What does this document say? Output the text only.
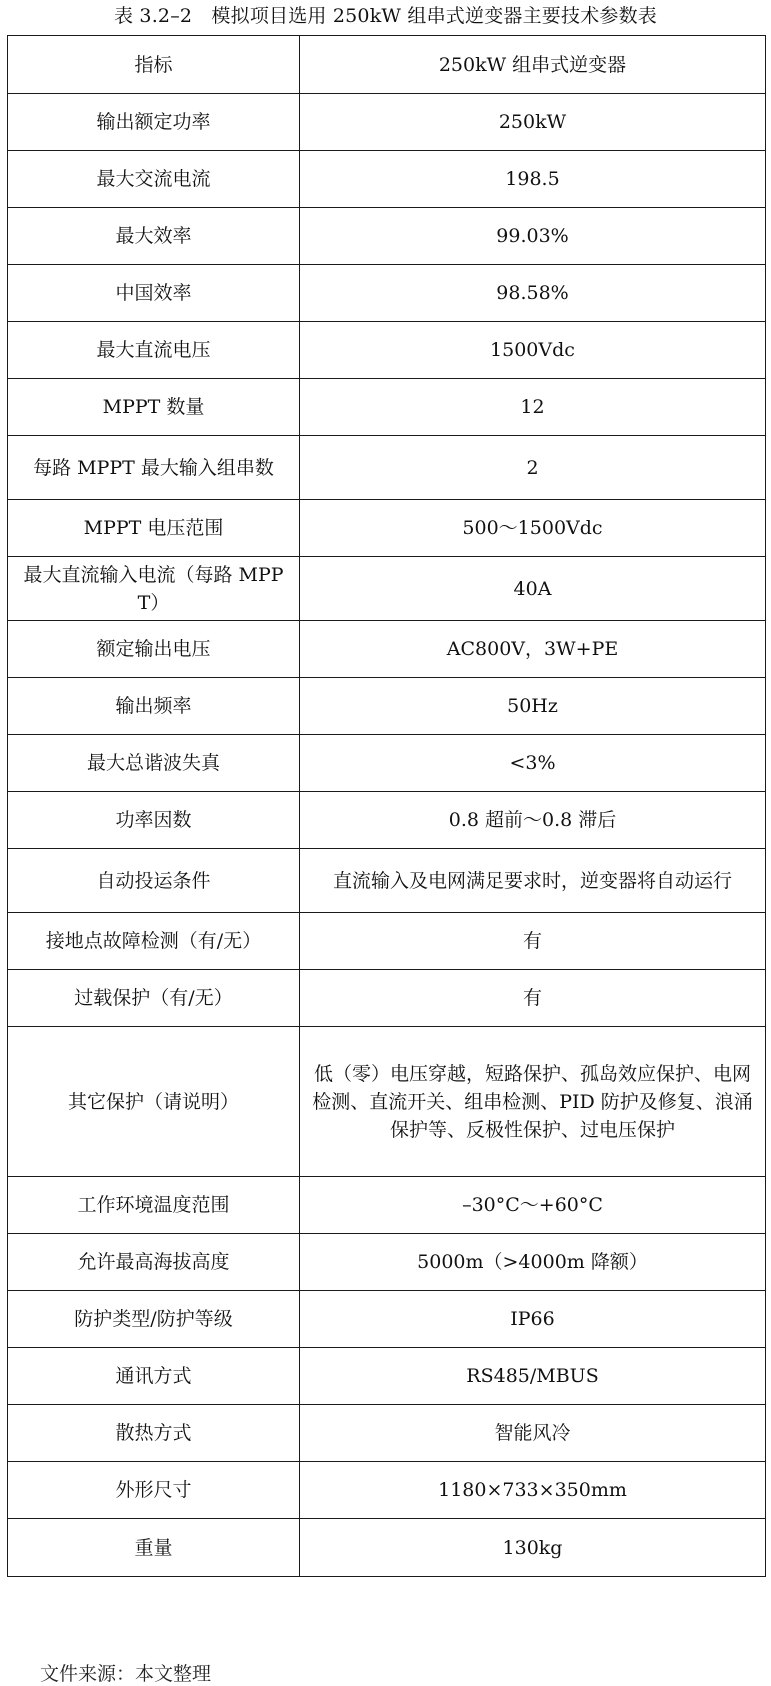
表 3.2–2　模拟项目选用 250kW 组串式逆变器主要技术参数表
指标	250kW 组串式逆变器
输出额定功率	250kW
最大交流电流	198.5
最大效率	99.03%
中国效率	98.58%
最大直流电压	1500Vdc
MPPT 数量	12
每路 MPPT 最大输入组串数	2
MPPT 电压范围	500～1500Vdc
最大直流输入电流（每路 MPPT）	40A
额定输出电压	AC800V，3W+PE
输出频率	50Hz
最大总谐波失真	<3%
功率因数	0.8 超前～0.8 滞后
自动投运条件	直流输入及电网满足要求时，逆变器将自动运行
接地点故障检测（有/无）	有
过载保护（有/无）	有
其它保护（请说明）	低（零）电压穿越，短路保护、孤岛效应保护、电网检测、直流开关、组串检测、PID 防护及修复、浪涌保护等、反极性保护、过电压保护
工作环境温度范围	–30°C～+60°C
允许最高海拔高度	5000m（>4000m 降额）
防护类型/防护等级	IP66
通讯方式	RS485/MBUS
散热方式	智能风冷
外形尺寸	1180×733×350mm
重量	130kg
文件来源：本文整理
